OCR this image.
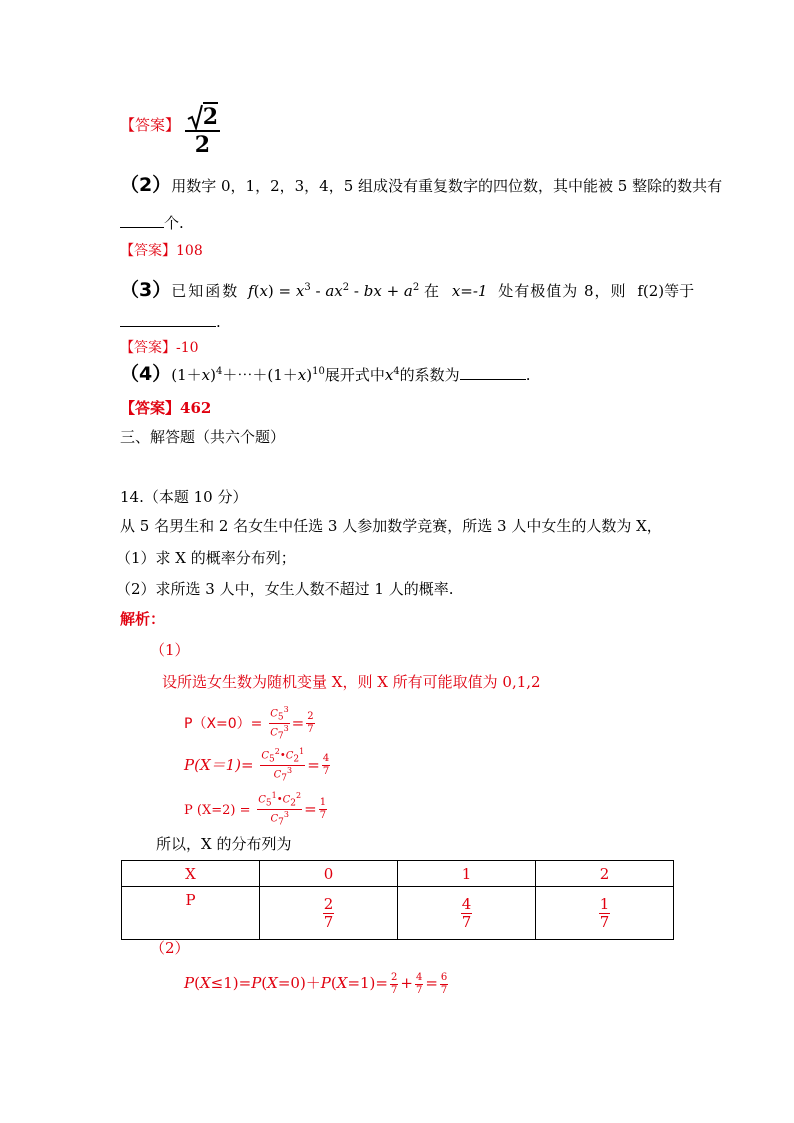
【答案】 $\frac{2}{2}$
（2）用数字 0，1，2，3，4，5 组成没有重复数字的四位数，其中能被 5 整除的数共有
个.
【答案】108
（3）已知函数 $f(x) = x^3 - ax^2$ - bx + $a^2$ 在 x=-1 处有极值为 8，则 f(2)等于
.
【答案】-10
$(4)(1+x)^4+\cdots+(1+x)^{10}$展开式中$x^4$的系数为	.
【答案】462
三、解答题（共六个题）
14.（本题 10 分）
从 5 名男生和 2 名女生中任选 3 人参加数学竞赛，所选 3 人中女生的人数为 X，
（1）求 X 的概率分布列；
（2）求所选 3 人中，女生人数不超过 1 人的概率.
解析：
（1）
设所选女生数为随机变量 X，则 X 所有可能取值为 0,1,2
$P(X=0)= \frac{C_5^3}{C_7^3} = \frac{2}{7}$
$P(X=1)= \frac{C_5^2•C_2^1}{C_7^3} = \frac{4}{7}$
P $(X=2) = \frac{C_5^1•C_2^2}{C_7^3} = \frac{1}{7}$
所以，X 的分布列为
X	0	1	2
P	$\frac{2}{7}$	$\frac{4}{7}$	$\frac{1}{7}$
（2）
$P(X\le 1)=P(X=0)+P(X=1)= \frac{2}{7} + \frac{4}{7} = \frac{6}{7}$
